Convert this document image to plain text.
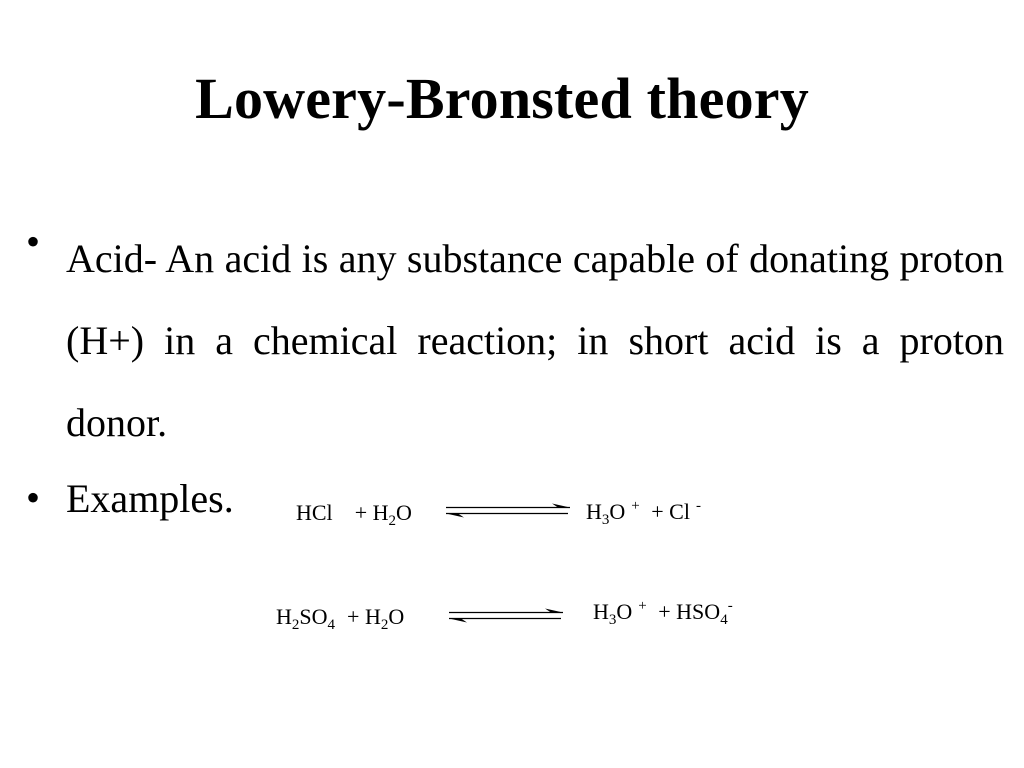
Lowery-Bronsted theory
• Acid- An acid is any substance capable of donating proton (H+) in a chemical reaction; in short acid is a proton donor.
• Examples.	HCl + $H_2O$	$H_3O$ + + Cl -
$H_2SO_4 + H_2O$	$H_3O$ $^+ + HSO_4^-$
